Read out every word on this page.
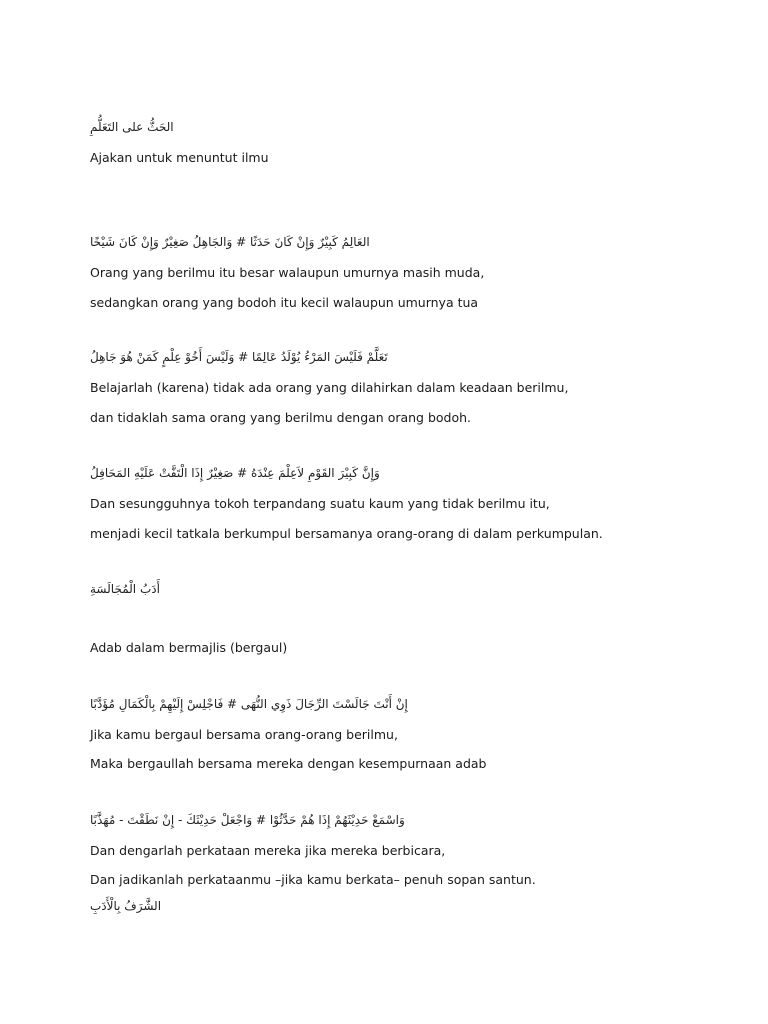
الحَثُّ على التَعَلُّمِ

Ajakan untuk menuntut ilmu

العَالِمُ كَبِيْرٌ وَإِنْ كَانَ حَدَثًا # وَالجَاهِلُ صَغِيْرٌ وَإِنْ كَانَ شَيْخًا

Orang yang berilmu itu besar walaupun umurnya masih muda,

sedangkan orang yang bodoh itu kecil walaupun umurnya tua

تَعَلَّمْ فَلَيْسَ المَرْءُ يُوْلَدُ عَالِمًا # وَلَيْسَ أَخُوْ عِلْمٍ كَمَنْ هُوَ جَاهِلُ

Belajarlah (karena) tidak ada orang yang dilahirkan dalam keadaan berilmu,

dan tidaklah sama orang yang berilmu dengan orang bodoh.

وَإِنَّ كَبِيْرَ القَوْمِ لاَعِلْمَ عِنْدَهُ # صَغِيْرٌ إِذَا الْتَفَّتْ عَلَيْهِ المَحَافِلُ

Dan sesungguhnya tokoh terpandang suatu kaum yang tidak berilmu itu,

menjadi kecil tatkala berkumpul bersamanya orang-orang di dalam perkumpulan.

أَدَبُ الْمُجَالَسَةِ

Adab dalam bermajlis (bergaul)

إِنْ أَنْتَ جَالَسْتَ الرِّجَالَ ذَوِي النُّهَى # فَاجْلِسْ إِلَيْهِمْ بِالْكَمَالِ مُؤَدَّبًا

Jika kamu bergaul bersama orang-orang berilmu,

Maka bergaullah bersama mereka dengan kesempurnaan adab

وَاسْمَعْ حَدِيْثَهُمْ إِذَا هُمْ حَدَّثُوْا # وَاجْعَلْ حَدِيْثَكَ - إِنْ نَطَقْتَ - مُهَذَّبًا

Dan dengarlah perkataan mereka jika mereka berbicara,

Dan jadikanlah perkataanmu –jika kamu berkata– penuh sopan santun.

الشَّرَفُ بِالْأَدَبِ
